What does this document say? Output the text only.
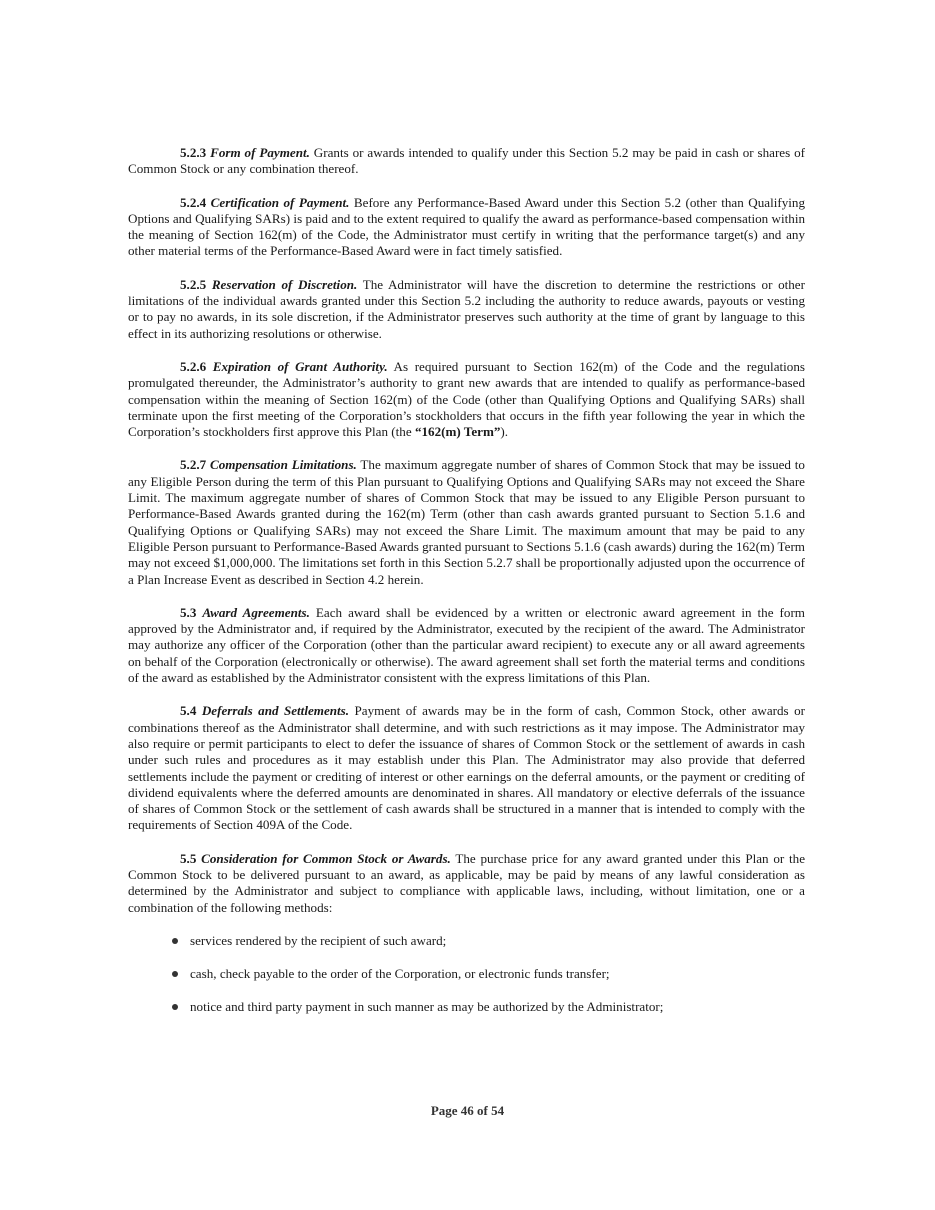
5.2.3 Form of Payment. Grants or awards intended to qualify under this Section 5.2 may be paid in cash or shares of Common Stock or any combination thereof.

5.2.4 Certification of Payment. Before any Performance-Based Award under this Section 5.2 (other than Qualifying Options and Qualifying SARs) is paid and to the extent required to qualify the award as performance-based compensation within the meaning of Section 162(m) of the Code, the Administrator must certify in writing that the performance target(s) and any other material terms of the Performance-Based Award were in fact timely satisfied.

5.2.5 Reservation of Discretion. The Administrator will have the discretion to determine the restrictions or other limitations of the individual awards granted under this Section 5.2 including the authority to reduce awards, payouts or vesting or to pay no awards, in its sole discretion, if the Administrator preserves such authority at the time of grant by language to this effect in its authorizing resolutions or otherwise.

5.2.6 Expiration of Grant Authority. As required pursuant to Section 162(m) of the Code and the regulations promulgated thereunder, the Administrator’s authority to grant new awards that are intended to qualify as performance-based compensation within the meaning of Section 162(m) of the Code (other than Qualifying Options and Qualifying SARs) shall terminate upon the first meeting of the Corporation’s stockholders that occurs in the fifth year following the year in which the Corporation’s stockholders first approve this Plan (the “162(m) Term”).

5.2.7 Compensation Limitations. The maximum aggregate number of shares of Common Stock that may be issued to any Eligible Person during the term of this Plan pursuant to Qualifying Options and Qualifying SARs may not exceed the Share Limit. The maximum aggregate number of shares of Common Stock that may be issued to any Eligible Person pursuant to Performance-Based Awards granted during the 162(m) Term (other than cash awards granted pursuant to Section 5.1.6 and Qualifying Options or Qualifying SARs) may not exceed the Share Limit. The maximum amount that may be paid to any Eligible Person pursuant to Performance-Based Awards granted pursuant to Sections 5.1.6 (cash awards) during the 162(m) Term may not exceed $1,000,000. The limitations set forth in this Section 5.2.7 shall be proportionally adjusted upon the occurrence of a Plan Increase Event as described in Section 4.2 herein.

5.3 Award Agreements. Each award shall be evidenced by a written or electronic award agreement in the form approved by the Administrator and, if required by the Administrator, executed by the recipient of the award. The Administrator may authorize any officer of the Corporation (other than the particular award recipient) to execute any or all award agreements on behalf of the Corporation (electronically or otherwise). The award agreement shall set forth the material terms and conditions of the award as established by the Administrator consistent with the express limitations of this Plan.

5.4 Deferrals and Settlements. Payment of awards may be in the form of cash, Common Stock, other awards or combinations thereof as the Administrator shall determine, and with such restrictions as it may impose. The Administrator may also require or permit participants to elect to defer the issuance of shares of Common Stock or the settlement of awards in cash under such rules and procedures as it may establish under this Plan. The Administrator may also provide that deferred settlements include the payment or crediting of interest or other earnings on the deferral amounts, or the payment or crediting of dividend equivalents where the deferred amounts are denominated in shares. All mandatory or elective deferrals of the issuance of shares of Common Stock or the settlement of cash awards shall be structured in a manner that is intended to comply with the requirements of Section 409A of the Code.

5.5 Consideration for Common Stock or Awards. The purchase price for any award granted under this Plan or the Common Stock to be delivered pursuant to an award, as applicable, may be paid by means of any lawful consideration as determined by the Administrator and subject to compliance with applicable laws, including, without limitation, one or a combination of the following methods:

services rendered by the recipient of such award;
cash, check payable to the order of the Corporation, or electronic funds transfer;
notice and third party payment in such manner as may be authorized by the Administrator;
Page 46 of 54
